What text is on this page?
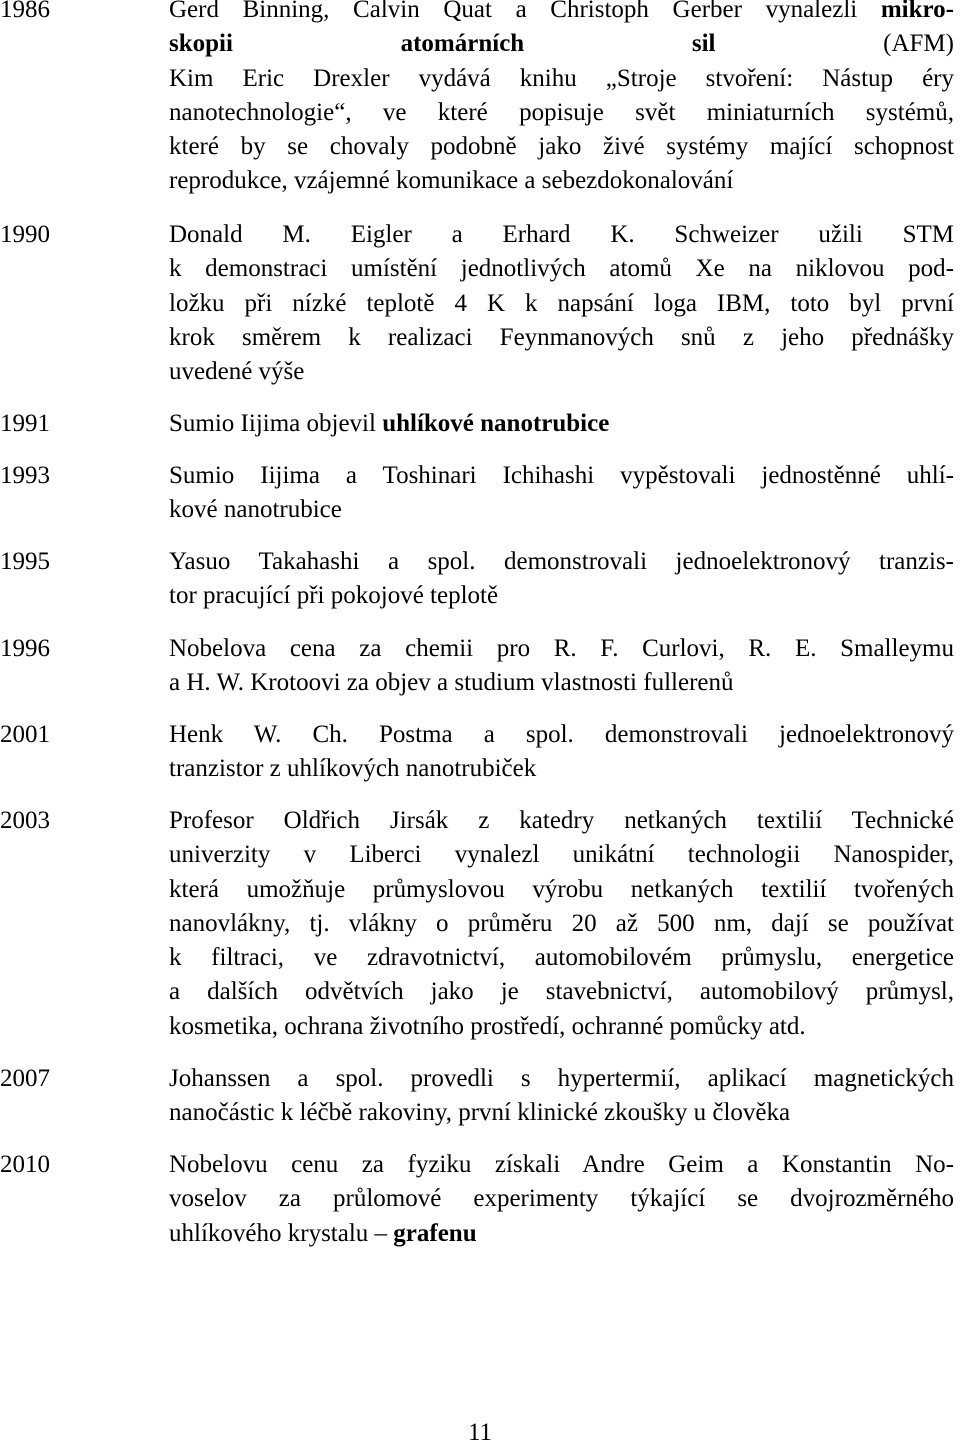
1986	Gerd Binning, Calvin Quat a Christoph Gerber vynalezli mikro-
skopii atomárních sil (AFM)
Kim Eric Drexler vydává knihu „Stroje stvoření: Nástup éry
nanotechnologie“, ve které popisuje svět miniaturních systémů,
které by se chovaly podobně jako živé systémy mající schopnost
reprodukce, vzájemné komunikace a sebezdokonalování
1990	Donald M. Eigler a Erhard K. Schweizer užili STM
k demonstraci umístění jednotlivých atomů Xe na niklovou pod-
ložku při nízké teplotě 4 K k napsání loga IBM, toto byl první
krok směrem k realizaci Feynmanových snů z jeho přednášky
uvedené výše
1991	Sumio Iijima objevil uhlíkové nanotrubice
1993	Sumio Iijima a Toshinari Ichihashi vypěstovali jednostěnné uhlí-
kové nanotrubice
1995	Yasuo Takahashi a spol. demonstrovali jednoelektronový tranzis-
tor pracující při pokojové teplotě
1996	Nobelova cena za chemii pro R. F. Curlovi, R. E. Smalleymu
a H. W. Krotoovi za objev a studium vlastnosti fullerenů
2001	Henk W. Ch. Postma a spol. demonstrovali jednoelektronový
tranzistor z uhlíkových nanotrubiček
2003	Profesor Oldřich Jirsák z katedry netkaných textilií Technické
univerzity v Liberci vynalezl unikátní technologii Nanospider,
která umožňuje průmyslovou výrobu netkaných textilií tvořených
nanovlákny, tj. vlákny o průměru 20 až 500 nm, dají se používat
k filtraci, ve zdravotnictví, automobilovém průmyslu, energetice
a dalších odvětvích jako je stavebnictví, automobilový průmysl,
kosmetika, ochrana životního prostředí, ochranné pomůcky atd.
2007	Johanssen a spol. provedli s hypertermií, aplikací magnetických
nanočástic k léčbě rakoviny, první klinické zkoušky u člověka
2010	Nobelovu cenu za fyziku získali Andre Geim a Konstantin No-
voselov za průlomové experimenty týkající se dvojrozměrného
uhlíkového krystalu – grafenu
11
